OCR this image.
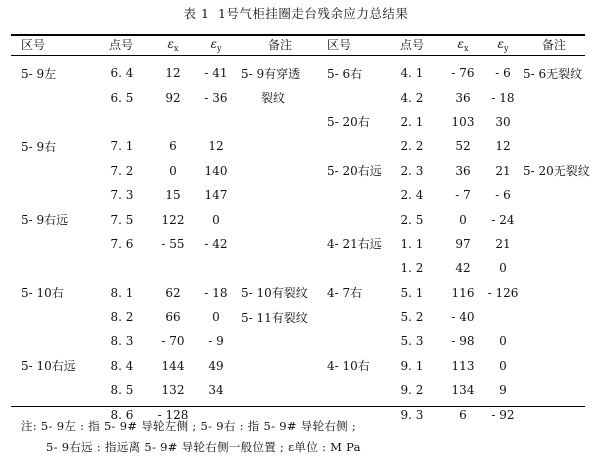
表 1 1号气柜挂圈走台残余应力总结果
区号	点号	$\varepsilon_x$	$\varepsilon_y$	备注	区号	点号	$\varepsilon_x$	$\varepsilon_y$	备注
5- 9左	6. 4	12	- 41	5- 9有穿透	5- 6右	4. 1	- 76	- 6	5- 6无裂纹
	6. 5	92	- 36	裂纹		4. 2	36	- 18	
					5- 20右	2. 1	103	30	
5- 9右	7. 1	6	12			2. 2	52	12	
	7. 2	0	140		5- 20右远	2. 3	36	21	5- 20无裂纹
	7. 3	15	147			2. 4	- 7	- 6	
5- 9右远	7. 5	122	0			2. 5	0	- 24	
	7. 6	- 55	- 42		4- 21右远	1. 1	97	21	
						1. 2	42	0	
5- 10右	8. 1	62	- 18	5- 10有裂纹	4- 7右	5. 1	116	- 126	
	8. 2	66	0	5- 11有裂纹		5. 2	- 40		
	8. 3	- 70	- 9			5. 3	- 98	0	
5- 10右远	8. 4	144	49		4- 10右	9. 1	113	0	
	8. 5	132	34			9. 2	134	9	
	8. 6	- 128				9. 3	6	- 92	
注: 5- 9左 : 指 5- 9# 导轮左侧 ; 5- 9右 : 指 5- 9# 导轮右侧 ;
5- 9右远 : 指远离 5- 9# 导轮右侧一般位置 ; ε单位 : M Pa
